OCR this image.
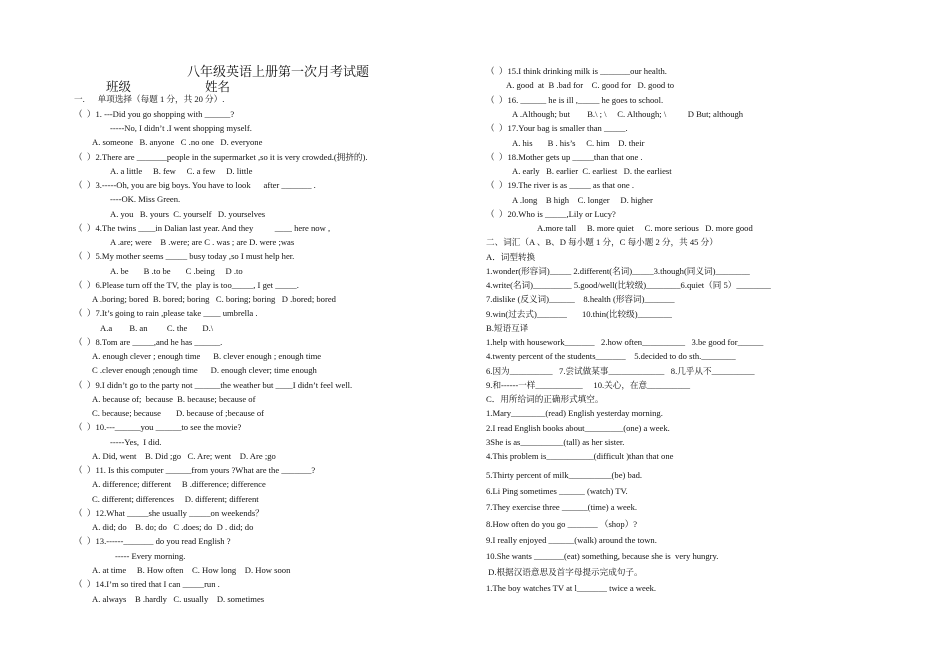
八年级英语上册第一次月考试题
班级	姓名
一.      单项选择（每题 1 分，共 20 分）.
（  ）1. ---Did you go shopping with ______?
-----No, I didn’t .I went shopping myself.
A. someone   B. anyone   C .no one   D. everyone
（  ）2.There are _______people in the supermarket ,so it is very crowded.(拥挤的).
A. a little     B. few     C. a few     D. little
（  ）3.-----Oh, you are big boys. You have to look      after _______ .
----OK. Miss Green.
A. you   B. yours  C. yourself   D. yourselves
（  ）4.The twins ____in Dalian last year. And they          ____ here now ,
A .are; were    B .were; are C . was ; are D. were ;was
（  ）5.My mother seems _____ busy today ,so I must help her.
A. be       B .to be       C .being     D .to
（  ）6.Please turn off the TV, the  play is too_____, I get _____.
A .boring; bored  B. bored; boring   C. boring; boring   D .bored; bored
（  ）7.It’s going to rain ,please take ____ umbrella .
A.a        B. an         C. the       D.\
（  ）8.Tom are _____,and he has ______.
A. enough clever ; enough time      B. clever enough ; enough time
C .clever enough ;enough time      D. enough clever; time enough
（  ）9.I didn’t go to the party not ______the weather but ____I didn’t feel well.
A. because of;  because  B. because; because of
C. because; because       D. because of ;because of
（  ）10.---______you ______to see the movie?
-----Yes,  I did.
A. Did, went    B. Did ;go   C. Are; went    D. Are ;go
（  ）11. Is this computer ______from yours ?What are the _______?
A. difference; different     B .difference; difference
C. different; differences     D. different; different
（  ）12.What _____she usually _____on weekends？
A. did; do    B. do; do   C .does; do  D . did; do
（  ）13.------_______ do you read English ?
----- Every morning.
A. at time     B. How often    C. How long    D. How soon
（  ）14.I’m so tired that I can _____run .
A. always    B .hardly   C. usually    D. sometimes
（  ）15.I think drinking milk is _______our health.
A. good  at  B .bad for    C. good for   D. good to
（  ）16. ______ he is ill ,_____ he goes to school.
A .Although; but        B.\ ; \     C. Although; \          D But; although
（  ）17.Your bag is smaller than _____.
A. his       B . his’s     C. him    D. their
（  ）18.Mother gets up _____than that one .
A. early   B. earlier  C. earliest   D. the earliest
（  ）19.The river is as _____ as that one .
A .long    B high    C. longer     D. higher
（  ）20.Who is _____,Lily or Lucy?
A.more tall     B. more quiet     C. more serious   D. more good
二、词汇（A 、B、D 每小题 1 分，C 每小题 2 分，共 45 分）
A．词型转换
1.wonder(形容词)_____ 2.different(名词)_____3.though(同义词)________
4.write(名词)_________ 5.good/well(比较级)________6.quiet（同 5）________
7.dislike (反义词)______    8.health (形容词)_______
9.win(过去式)_______       10.thin(比较级)________
B.短语互译
1.help with housework_______   2.how often__________   3.be good for______
4.twenty percent of the students_______    5.decided to do sth.________
6.因为__________   7.尝试做某事_____________   8.几乎从不__________
9.和------一样___________     10.关心，在意__________
C．用所给词的正确形式填空。
1.Mary________(read) English yesterday morning.
2.I read English books about_________(one) a week.
3She is as__________(tall) as her sister.
4.This problem is___________(difficult )than that one
5.Thirty percent of milk__________(be) bad.
6.Li Ping sometimes ______ (watch) TV.
7.They exercise three ______(time) a week.
8.How often do you go _______ （shop）?
9.I really enjoyed ______(walk) around the town.
10.She wants _______(eat) something, because she is  very hungry.
D.根据汉语意思及首字母提示完成句子。
1.The boy watches TV at l_______ twice a week.
